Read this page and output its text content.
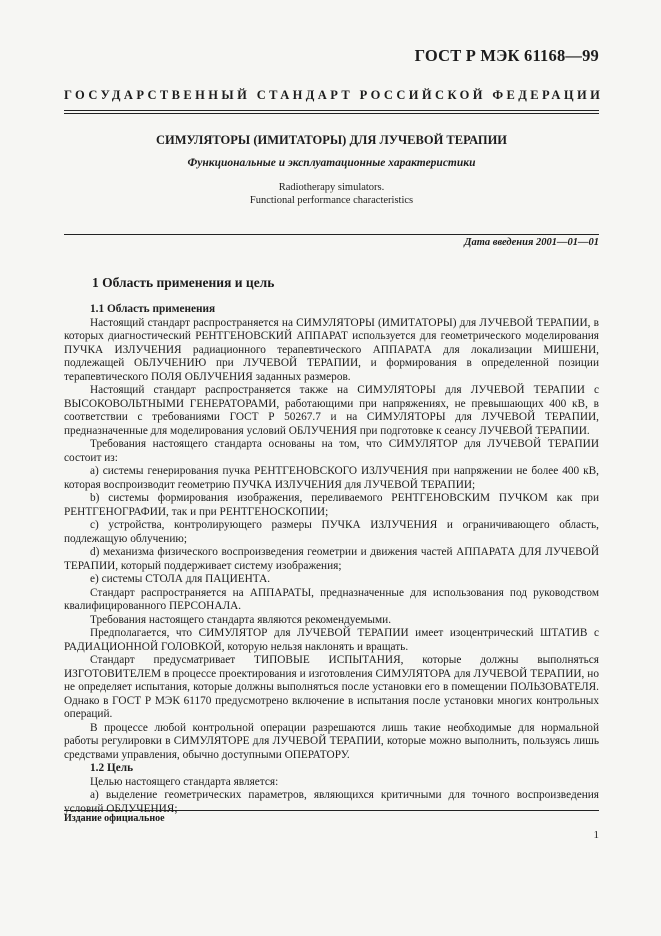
ГОСТ Р МЭК 61168—99
ГОСУДАРСТВЕННЫЙ СТАНДАРТ РОССИЙСКОЙ ФЕДЕРАЦИИ
СИМУЛЯТОРЫ (ИМИТАТОРЫ) ДЛЯ ЛУЧЕВОЙ ТЕРАПИИ
Функциональные и эксплуатационные характеристики
Radiotherapy simulators.
Functional performance characteristics
Дата введения 2001—01—01
1 Область применения и цель

1.1 Область применения

Настоящий стандарт распространяется на СИМУЛЯТОРЫ (ИМИТАТОРЫ) для ЛУЧЕВОЙ ТЕРАПИИ, в которых диагностический РЕНТГЕНОВСКИЙ АППАРАТ используется для геометрического моделирования ПУЧКА ИЗЛУЧЕНИЯ радиационного терапевтического АППАРАТА для локализации МИШЕНИ, подлежащей ОБЛУЧЕНИЮ при ЛУЧЕВОЙ ТЕРАПИИ, и формирования в определенной позиции терапевтического ПОЛЯ ОБЛУЧЕНИЯ заданных размеров.

Настоящий стандарт распространяется также на СИМУЛЯТОРЫ для ЛУЧЕВОЙ ТЕРАПИИ с ВЫСОКОВОЛЬТНЫМИ ГЕНЕРАТОРАМИ, работающими при напряжениях, не превышающих 400 кВ, в соответствии с требованиями ГОСТ Р 50267.7 и на СИМУЛЯТОРЫ для ЛУЧЕВОЙ ТЕРАПИИ, предназначенные для моделирования условий ОБЛУЧЕНИЯ при подготовке к сеансу ЛУЧЕВОЙ ТЕРАПИИ.

Требования настоящего стандарта основаны на том, что СИМУЛЯТОР для ЛУЧЕВОЙ ТЕРАПИИ состоит из:

а) системы генерирования пучка РЕНТГЕНОВСКОГО ИЗЛУЧЕНИЯ при напряжении не более 400 кВ, которая воспроизводит геометрию ПУЧКА ИЗЛУЧЕНИЯ для ЛУЧЕВОЙ ТЕРАПИИ;

b) системы формирования изображения, переливаемого РЕНТГЕНОВСКИМ ПУЧКОМ как при РЕНТГЕНОГРАФИИ, так и при РЕНТГЕНОСКОПИИ;

с) устройства, контролирующего размеры ПУЧКА ИЗЛУЧЕНИЯ и ограничивающего область, подлежащую облучению;

d) механизма физического воспроизведения геометрии и движения частей АППАРАТА ДЛЯ ЛУЧЕВОЙ ТЕРАПИИ, который поддерживает систему изображения;

е) системы СТОЛА для ПАЦИЕНТА.

Стандарт распространяется на АППАРАТЫ, предназначенные для использования под руководством квалифицированного ПЕРСОНАЛА.

Требования настоящего стандарта являются рекомендуемыми.

Предполагается, что СИМУЛЯТОР для ЛУЧЕВОЙ ТЕРАПИИ имеет изоцентрический ШТАТИВ с РАДИАЦИОННОЙ ГОЛОВКОЙ, которую нельзя наклонять и вращать.

Стандарт предусматривает ТИПОВЫЕ ИСПЫТАНИЯ, которые должны выполняться ИЗГОТОВИТЕЛЕМ в процессе проектирования и изготовления СИМУЛЯТОРА для ЛУЧЕВОЙ ТЕРАПИИ, но не определяет испытания, которые должны выполняться после установки его в помещении ПОЛЬЗОВАТЕЛЯ. Однако в ГОСТ Р МЭК 61170 предусмотрено включение в испытания после установки многих контрольных операций.

В процессе любой контрольной операции разрешаются лишь такие необходимые для нормальной работы регулировки в СИМУЛЯТОРЕ для ЛУЧЕВОЙ ТЕРАПИИ, которые можно выполнить, пользуясь лишь средствами управления, обычно доступными ОПЕРАТОРУ.

1.2 Цель

Целью настоящего стандарта является:

а) выделение геометрических параметров, являющихся критичными для точного воспроизведения условий ОБЛУЧЕНИЯ;

Издание официальное
1
